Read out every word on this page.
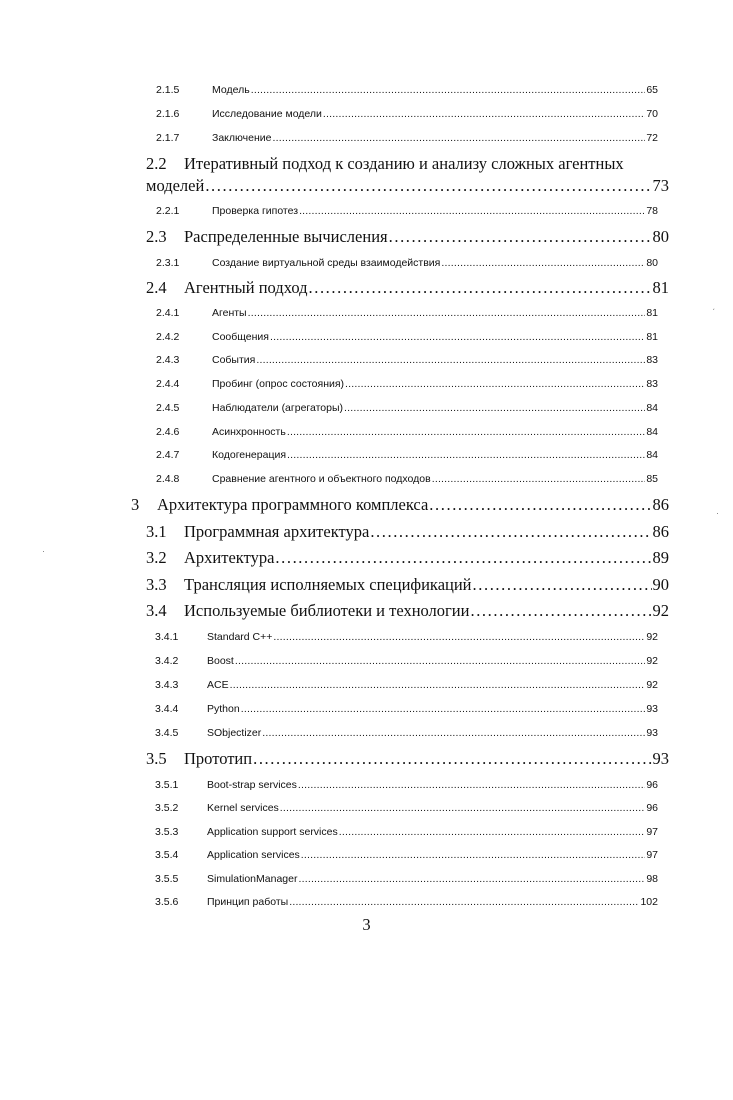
2.1.5	Модель .....	65
2.1.6	Исследование модели .....	70
2.1.7	Заключение .....	72
2.2 Итеративный подход к созданию и анализу сложных агентных
моделей .....	73
2.2.1	Проверка гипотез .....	78
2.3	Распределенные вычисления .....	80
2.3.1	Создание виртуальной среды взаимодействия .....	80
2.4	Агентный подход .....	81
2.4.1	Агенты .....	81
2.4.2	Сообщения .....	81
2.4.3	События .....	83
2.4.4	Пробинг (опрос состояния) .....	83
2.4.5	Наблюдатели (агрегаторы) .....	84
2.4.6	Асинхронность .....	84
2.4.7	Кодогенерация .....	84
2.4.8	Сравнение агентного и объектного подходов .....	85
3	Архитектура программного комплекса .....	86
3.1	Программная архитектура .....	86
3.2	Архитектура .....	89
3.3	Трансляция исполняемых спецификаций .....	90
3.4	Используемые библиотеки и технологии .....	92
3.4.1	Standard C++ .....	92
3.4.2	Boost .....	92
3.4.3	ACE .....	92
3.4.4	Python .....	93
3.4.5	SObjectizer .....	93
3.5	Прототип .....	93
3.5.1	Boot-strap services .....	96
3.5.2	Kernel services .....	96
3.5.3	Application support services .....	97
3.5.4	Application services .....	97
3.5.5	SimulationManager .....	98
3.5.6	Принцип работы .....	102
3
ˏ
·
·
